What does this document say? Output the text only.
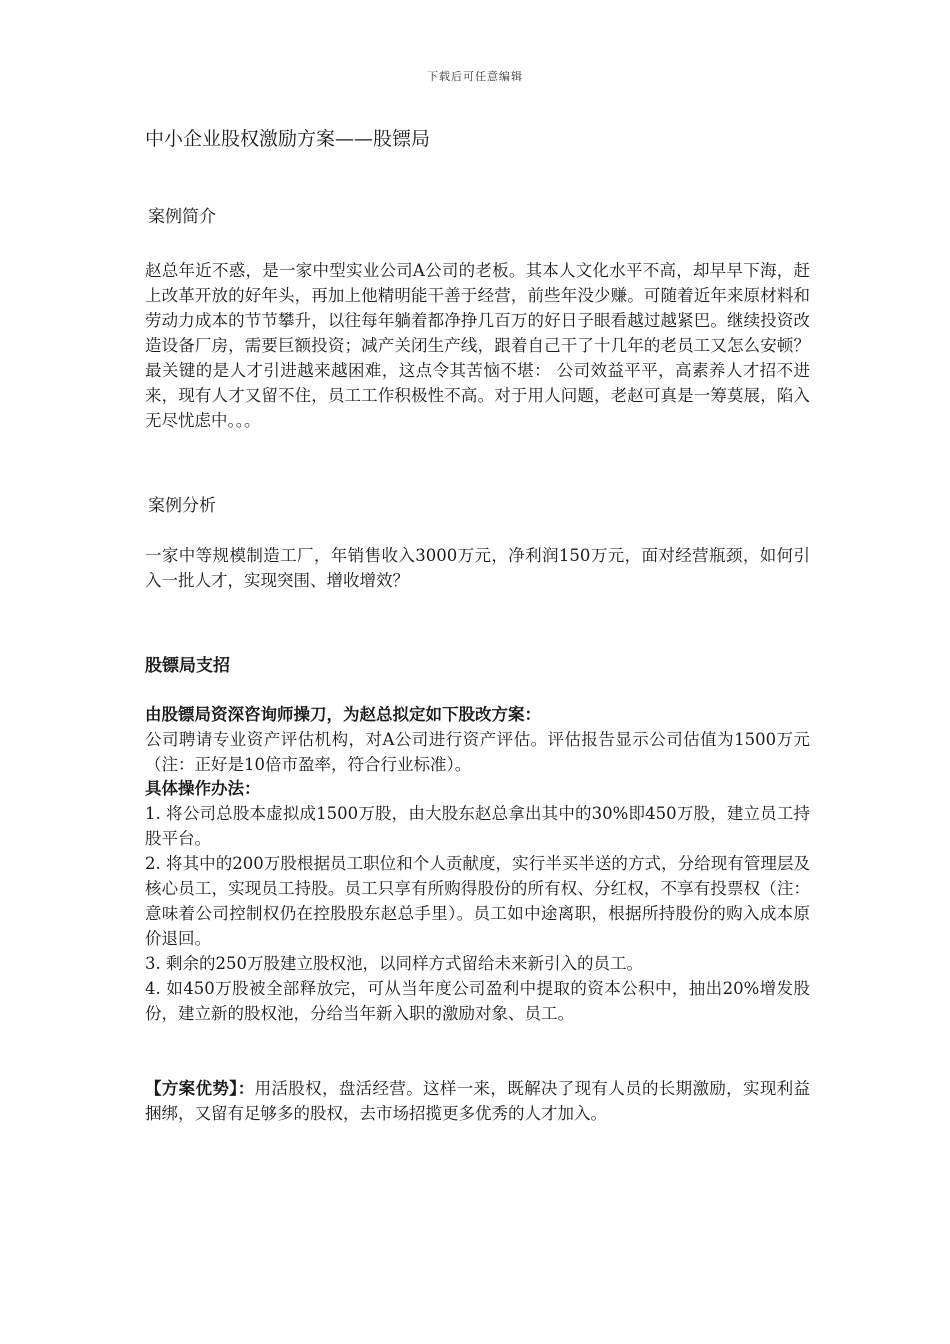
下载后可任意编辑
中小企业股权激励方案——股镖局
案例简介

赵总年近不惑，是一家中型实业公司A公司的老板。其本人文化水平不高，却早早下海，赶上改革开放的好年头，再加上他精明能干善于经营，前些年没少赚。可随着近年来原材料和劳动力成本的节节攀升，以往每年躺着都净挣几百万的好日子眼看越过越紧巴。继续投资改造设备厂房，需要巨额投资；减产关闭生产线，跟着自己干了十几年的老员工又怎么安顿？最关键的是人才引进越来越困难，这点令其苦恼不堪： 公司效益平平，高素养人才招不进来，现有人才又留不住，员工工作积极性不高。对于用人问题，老赵可真是一筹莫展，陷入无尽忧虑中。。。

案例分析

一家中等规模制造工厂，年销售收入3000万元，净利润150万元，面对经营瓶颈，如何引入一批人才，实现突围、增收增效？

股镖局支招

由股镖局资深咨询师操刀，为赵总拟定如下股改方案：

公司聘请专业资产评估机构，对A公司进行资产评估。评估报告显示公司估值为1500万元（注：正好是10倍市盈率，符合行业标准）。

具体操作办法：

1. 将公司总股本虚拟成1500万股，由大股东赵总拿出其中的30%即450万股，建立员工持股平台。

2. 将其中的200万股根据员工职位和个人贡献度，实行半买半送的方式，分给现有管理层及核心员工，实现员工持股。员工只享有所购得股份的所有权、分红权，不享有投票权（注：意味着公司控制权仍在控股股东赵总手里）。员工如中途离职，根据所持股份的购入成本原价退回。

3. 剩余的250万股建立股权池，以同样方式留给未来新引入的员工。

4. 如450万股被全部释放完，可从当年度公司盈利中提取的资本公积中，抽出20%增发股份，建立新的股权池，分给当年新入职的激励对象、员工。

【方案优势】：用活股权，盘活经营。这样一来，既解决了现有人员的长期激励，实现利益捆绑，又留有足够多的股权，去市场招揽更多优秀的人才加入。
